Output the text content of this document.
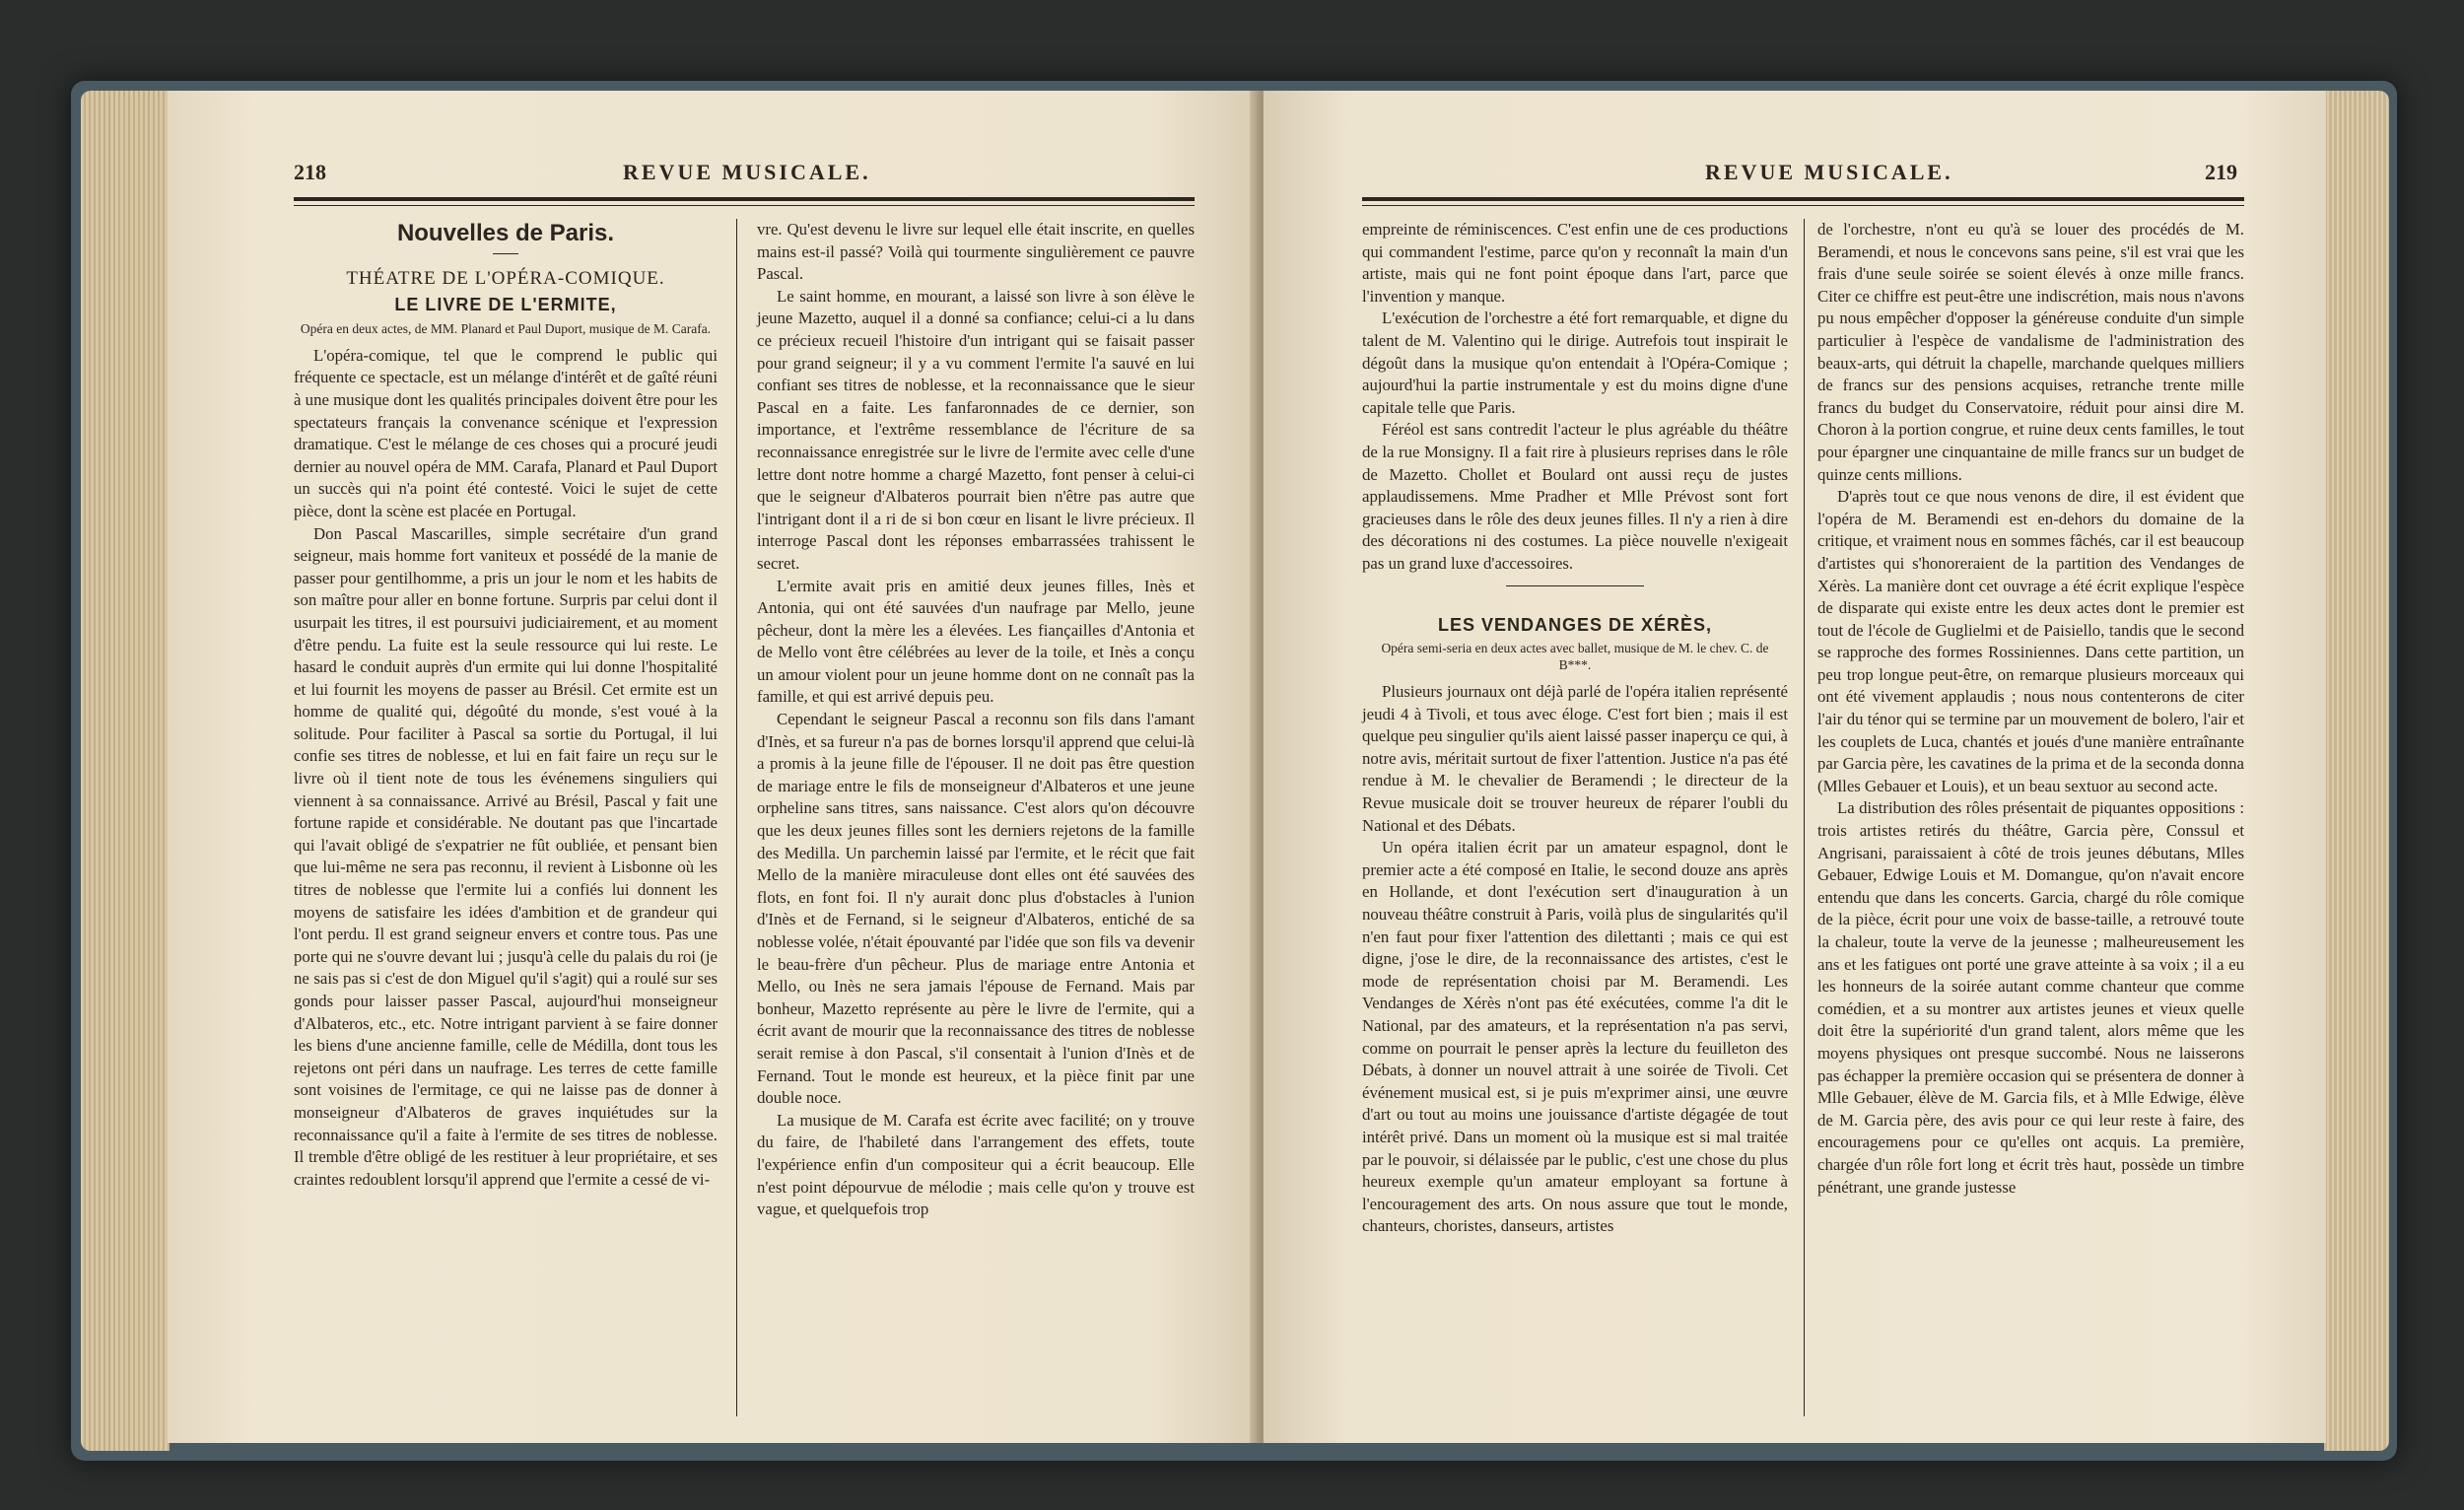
218	REVUE MUSICALE.
Nouvelles de Paris.
THÉATRE DE L'OPÉRA-COMIQUE.
LE LIVRE DE L'ERMITE,
Opéra en deux actes, de MM. Planard et Paul Duport, musique de M. Carafa.

L'opéra-comique, tel que le comprend le public qui fréquente ce spectacle, est un mélange d'intérêt et de gaîté réuni à une musique dont les qualités principales doivent être pour les spectateurs français la convenance scénique et l'expression dramatique. C'est le mélange de ces choses qui a procuré jeudi dernier au nouvel opéra de MM. Carafa, Planard et Paul Duport un succès qui n'a point été contesté. Voici le sujet de cette pièce, dont la scène est placée en Portugal.

Don Pascal Mascarilles, simple secrétaire d'un grand seigneur, mais homme fort vaniteux et possédé de la manie de passer pour gentilhomme, a pris un jour le nom et les habits de son maître pour aller en bonne fortune. Surpris par celui dont il usurpait les titres, il est poursuivi judiciairement, et au moment d'être pendu. La fuite est la seule ressource qui lui reste. Le hasard le conduit auprès d'un ermite qui lui donne l'hospitalité et lui fournit les moyens de passer au Brésil. Cet ermite est un homme de qualité qui, dégoûté du monde, s'est voué à la solitude. Pour faciliter à Pascal sa sortie du Portugal, il lui confie ses titres de noblesse, et lui en fait faire un reçu sur le livre où il tient note de tous les événemens singuliers qui viennent à sa connaissance. Arrivé au Brésil, Pascal y fait une fortune rapide et considérable. Ne doutant pas que l'incartade qui l'avait obligé de s'expatrier ne fût oubliée, et pensant bien que lui-même ne sera pas reconnu, il revient à Lisbonne où les titres de noblesse que l'ermite lui a confiés lui donnent les moyens de satisfaire les idées d'ambition et de grandeur qui l'ont perdu. Il est grand seigneur envers et contre tous. Pas une porte qui ne s'ouvre devant lui ; jusqu'à celle du palais du roi (je ne sais pas si c'est de don Miguel qu'il s'agit) qui a roulé sur ses gonds pour laisser passer Pascal, aujourd'hui monseigneur d'Albateros, etc., etc. Notre intrigant parvient à se faire donner les biens d'une ancienne famille, celle de Médilla, dont tous les rejetons ont péri dans un naufrage. Les terres de cette famille sont voisines de l'ermitage, ce qui ne laisse pas de donner à monseigneur d'Albateros de graves inquiétudes sur la reconnaissance qu'il a faite à l'ermite de ses titres de noblesse. Il tremble d'être obligé de les restituer à leur propriétaire, et ses craintes redoublent lorsqu'il apprend que l'ermite a cessé de vi-

vre. Qu'est devenu le livre sur lequel elle était inscrite, en quelles mains est-il passé? Voilà qui tourmente singulièrement ce pauvre Pascal.

Le saint homme, en mourant, a laissé son livre à son élève le jeune Mazetto, auquel il a donné sa confiance; celui-ci a lu dans ce précieux recueil l'histoire d'un intrigant qui se faisait passer pour grand seigneur; il y a vu comment l'ermite l'a sauvé en lui confiant ses titres de noblesse, et la reconnaissance que le sieur Pascal en a faite. Les fanfaronnades de ce dernier, son importance, et l'extrême ressemblance de l'écriture de sa reconnaissance enregistrée sur le livre de l'ermite avec celle d'une lettre dont notre homme a chargé Mazetto, font penser à celui-ci que le seigneur d'Albateros pourrait bien n'être pas autre que l'intrigant dont il a ri de si bon cœur en lisant le livre précieux. Il interroge Pascal dont les réponses embarrassées trahissent le secret.

L'ermite avait pris en amitié deux jeunes filles, Inès et Antonia, qui ont été sauvées d'un naufrage par Mello, jeune pêcheur, dont la mère les a élevées. Les fiançailles d'Antonia et de Mello vont être célébrées au lever de la toile, et Inès a conçu un amour violent pour un jeune homme dont on ne connaît pas la famille, et qui est arrivé depuis peu.

Cependant le seigneur Pascal a reconnu son fils dans l'amant d'Inès, et sa fureur n'a pas de bornes lorsqu'il apprend que celui-là a promis à la jeune fille de l'épouser. Il ne doit pas être question de mariage entre le fils de monseigneur d'Albateros et une jeune orpheline sans titres, sans naissance. C'est alors qu'on découvre que les deux jeunes filles sont les derniers rejetons de la famille des Medilla. Un parchemin laissé par l'ermite, et le récit que fait Mello de la manière miraculeuse dont elles ont été sauvées des flots, en font foi. Il n'y aurait donc plus d'obstacles à l'union d'Inès et de Fernand, si le seigneur d'Albateros, entiché de sa noblesse volée, n'était épouvanté par l'idée que son fils va devenir le beau-frère d'un pêcheur. Plus de mariage entre Antonia et Mello, ou Inès ne sera jamais l'épouse de Fernand. Mais par bonheur, Mazetto représente au père le livre de l'ermite, qui a écrit avant de mourir que la reconnaissance des titres de noblesse serait remise à don Pascal, s'il consentait à l'union d'Inès et de Fernand. Tout le monde est heureux, et la pièce finit par une double noce.

La musique de M. Carafa est écrite avec facilité; on y trouve du faire, de l'habileté dans l'arrangement des effets, toute l'expérience enfin d'un compositeur qui a écrit beaucoup. Elle n'est point dépourvue de mélodie ; mais celle qu'on y trouve est vague, et quelquefois trop

REVUE MUSICALE.	219

empreinte de réminiscences. C'est enfin une de ces productions qui commandent l'estime, parce qu'on y reconnaît la main d'un artiste, mais qui ne font point époque dans l'art, parce que l'invention y manque.

L'exécution de l'orchestre a été fort remarquable, et digne du talent de M. Valentino qui le dirige. Autrefois tout inspirait le dégoût dans la musique qu'on entendait à l'Opéra-Comique ; aujourd'hui la partie instrumentale y est du moins digne d'une capitale telle que Paris.

Féréol est sans contredit l'acteur le plus agréable du théâtre de la rue Monsigny. Il a fait rire à plusieurs reprises dans le rôle de Mazetto. Chollet et Boulard ont aussi reçu de justes applaudissemens. Mme Pradher et Mlle Prévost sont fort gracieuses dans le rôle des deux jeunes filles. Il n'y a rien à dire des décorations ni des costumes. La pièce nouvelle n'exigeait pas un grand luxe d'accessoires.

LES VENDANGES DE XÉRÈS,
Opéra semi-seria en deux actes avec ballet, musique de M. le chev. C. de B***.

Plusieurs journaux ont déjà parlé de l'opéra italien représenté jeudi 4 à Tivoli, et tous avec éloge. C'est fort bien ; mais il est quelque peu singulier qu'ils aient laissé passer inaperçu ce qui, à notre avis, méritait surtout de fixer l'attention. Justice n'a pas été rendue à M. le chevalier de Beramendi ; le directeur de la Revue musicale doit se trouver heureux de réparer l'oubli du National et des Débats.

Un opéra italien écrit par un amateur espagnol, dont le premier acte a été composé en Italie, le second douze ans après en Hollande, et dont l'exécution sert d'inauguration à un nouveau théâtre construit à Paris, voilà plus de singularités qu'il n'en faut pour fixer l'attention des dilettanti ; mais ce qui est digne, j'ose le dire, de la reconnaissance des artistes, c'est le mode de représentation choisi par M. Beramendi. Les Vendanges de Xérès n'ont pas été exécutées, comme l'a dit le National, par des amateurs, et la représentation n'a pas servi, comme on pourrait le penser après la lecture du feuilleton des Débats, à donner un nouvel attrait à une soirée de Tivoli. Cet événement musical est, si je puis m'exprimer ainsi, une œuvre d'art ou tout au moins une jouissance d'artiste dégagée de tout intérêt privé. Dans un moment où la musique est si mal traitée par le pouvoir, si délaissée par le public, c'est une chose du plus heureux exemple qu'un amateur employant sa fortune à l'encouragement des arts. On nous assure que tout le monde, chanteurs, choristes, danseurs, artistes

de l'orchestre, n'ont eu qu'à se louer des procédés de M. Beramendi, et nous le concevons sans peine, s'il est vrai que les frais d'une seule soirée se soient élevés à onze mille francs. Citer ce chiffre est peut-être une indiscrétion, mais nous n'avons pu nous empêcher d'opposer la généreuse conduite d'un simple particulier à l'espèce de vandalisme de l'administration des beaux-arts, qui détruit la chapelle, marchande quelques milliers de francs sur des pensions acquises, retranche trente mille francs du budget du Conservatoire, réduit pour ainsi dire M. Choron à la portion congrue, et ruine deux cents familles, le tout pour épargner une cinquantaine de mille francs sur un budget de quinze cents millions.

D'après tout ce que nous venons de dire, il est évident que l'opéra de M. Beramendi est en-dehors du domaine de la critique, et vraiment nous en sommes fâchés, car il est beaucoup d'artistes qui s'honoreraient de la partition des Vendanges de Xérès. La manière dont cet ouvrage a été écrit explique l'espèce de disparate qui existe entre les deux actes dont le premier est tout de l'école de Guglielmi et de Paisiello, tandis que le second se rapproche des formes Rossiniennes. Dans cette partition, un peu trop longue peut-être, on remarque plusieurs morceaux qui ont été vivement applaudis ; nous nous contenterons de citer l'air du ténor qui se termine par un mouvement de bolero, l'air et les couplets de Luca, chantés et joués d'une manière entraînante par Garcia père, les cavatines de la prima et de la seconda donna (Mlles Gebauer et Louis), et un beau sextuor au second acte.

La distribution des rôles présentait de piquantes oppositions : trois artistes retirés du théâtre, Garcia père, Conssul et Angrisani, paraissaient à côté de trois jeunes débutans, Mlles Gebauer, Edwige Louis et M. Domangue, qu'on n'avait encore entendu que dans les concerts. Garcia, chargé du rôle comique de la pièce, écrit pour une voix de basse-taille, a retrouvé toute la chaleur, toute la verve de la jeunesse ; malheureusement les ans et les fatigues ont porté une grave atteinte à sa voix ; il a eu les honneurs de la soirée autant comme chanteur que comme comédien, et a su montrer aux artistes jeunes et vieux quelle doit être la supériorité d'un grand talent, alors même que les moyens physiques ont presque succombé. Nous ne laisserons pas échapper la première occasion qui se présentera de donner à Mlle Gebauer, élève de M. Garcia fils, et à Mlle Edwige, élève de M. Garcia père, des avis pour ce qui leur reste à faire, des encouragemens pour ce qu'elles ont acquis. La première, chargée d'un rôle fort long et écrit très haut, possède un timbre pénétrant, une grande justesse
